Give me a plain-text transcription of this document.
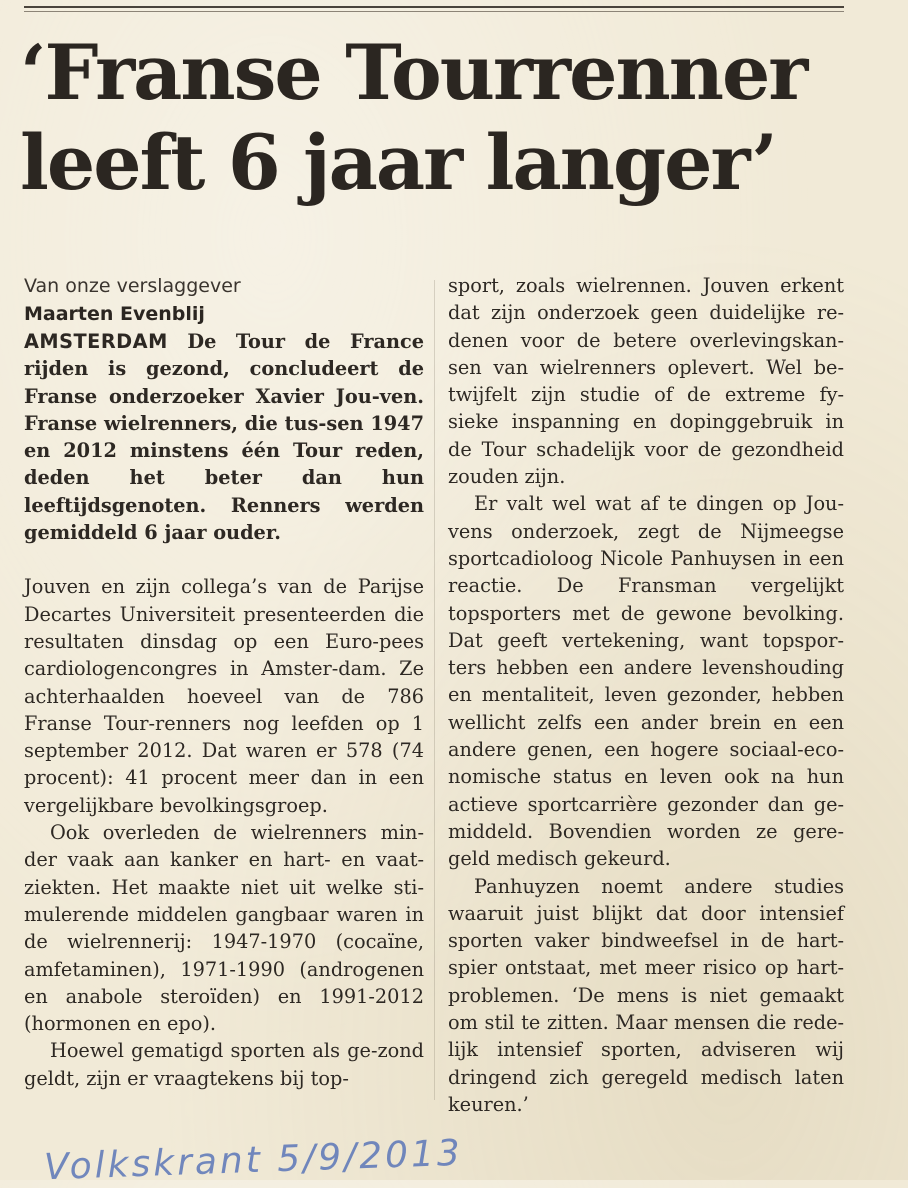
‘Franse Tourrenner
leeft 6 jaar langer’

Van onze verslaggever

Maarten Evenblij

AMSTERDAM De Tour de France rijden is gezond, concludeert de Franse onderzoeker Xavier Jou-ven. Franse wielrenners, die tus-sen 1947 en 2012 minstens één Tour reden, deden het beter dan hun leeftijdsgenoten. Renners werden gemiddeld 6 jaar ouder.

Jouven en zijn collega’s van de Parijse Decartes Universiteit presenteerden die resultaten dinsdag op een Euro-pees cardiologencongres in Amster-dam. Ze achterhaalden hoeveel van de 786 Franse Tour-renners nog leefden op 1 september 2012. Dat waren er 578 (74 procent): 41 procent meer dan in een vergelijkbare bevolkingsgroep.

Ook overleden de wielrenners min-der vaak aan kanker en hart- en vaat-ziekten. Het maakte niet uit welke sti-mulerende middelen gangbaar waren in de wielrennerij: 1947-1970 (cocaïne, amfetaminen), 1971-1990 (androgenen en anabole steroïden) en 1991-2012 (hormonen en epo).

Hoewel gematigd sporten als ge-zond geldt, zijn er vraagtekens bij top-

sport, zoals wielrennen. Jouven erkent dat zijn onderzoek geen duidelijke re-denen voor de betere overlevingskan-sen van wielrenners oplevert. Wel be-twijfelt zijn studie of de extreme fy-sieke inspanning en dopinggebruik in de Tour schadelijk voor de gezondheid zouden zijn.

Er valt wel wat af te dingen op Jou-vens onderzoek, zegt de Nijmeegse sportcadioloog Nicole Panhuysen in een reactie. De Fransman vergelijkt topsporters met de gewone bevolking. Dat geeft vertekening, want topspor-ters hebben een andere levenshouding en mentaliteit, leven gezonder, hebben wellicht zelfs een ander brein en een andere genen, een hogere sociaal-eco-nomische status en leven ook na hun actieve sportcarrière gezonder dan ge-middeld. Bovendien worden ze gere-geld medisch gekeurd.

Panhuyzen noemt andere studies waaruit juist blijkt dat door intensief sporten vaker bindweefsel in de hart-spier ontstaat, met meer risico op hart-problemen. ‘De mens is niet gemaakt om stil te zitten. Maar mensen die rede-lijk intensief sporten, adviseren wij dringend zich geregeld medisch laten keuren.’

Volkskrant 5/9/2013
